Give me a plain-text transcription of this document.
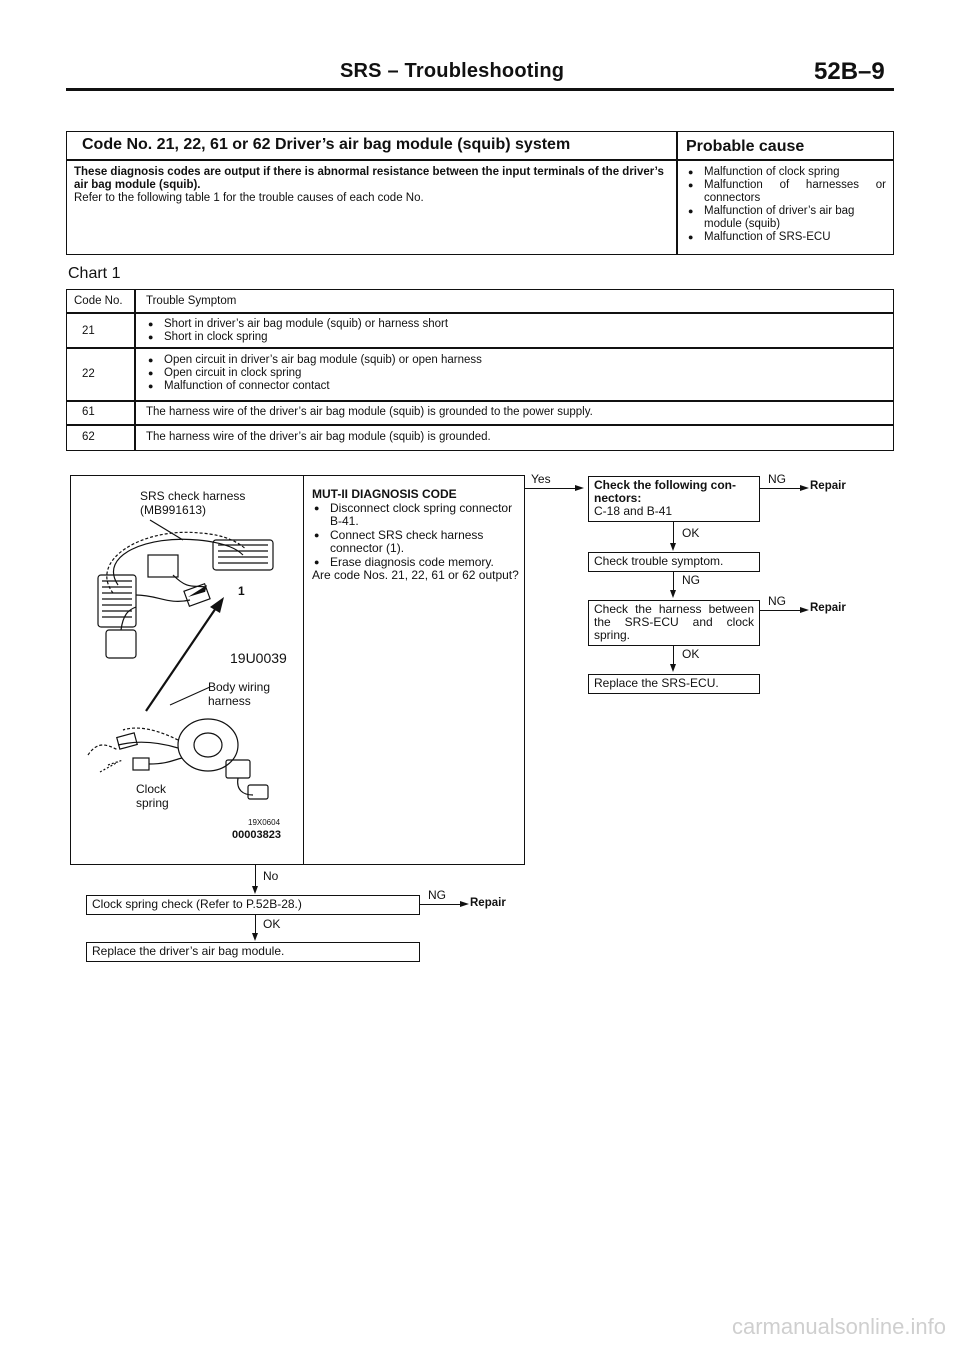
SRS – Troubleshooting	52B–9
Code No. 21, 22, 61 or 62 Driver’s air bag module (squib) system	Probable cause
These diagnosis codes are output if there is abnormal resistance between the input terminals of the driver’s
air bag module (squib).
Refer to the following table 1 for the trouble causes of each code No.
● Malfunction of clock spring
● Malfunction of harnesses or connectors
● Malfunction of driver’s air bag module (squib)
● Malfunction of SRS-ECU
Chart 1
Code No. Trouble Symptom
21
● Short in driver’s air bag module (squib) or harness short
● Short in clock spring
22
● Open circuit in driver’s air bag module (squib) or open harness
● Open circuit in clock spring
● Malfunction of connector contact
61	The harness wire of the driver’s air bag module (squib) is grounded to the power supply.
62	The harness wire of the driver’s air bag module (squib) is grounded.
SRS check harness
(MB991613)
1
19U0039
Body wiring
harness
Clock
spring
19X0604
00003823
MUT-II DIAGNOSIS CODE
● Disconnect clock spring connector B-41.
● Connect SRS check harness connector (1).
● Erase diagnosis code memory.
Are code Nos. 21, 22, 61 or 62 output?
Yes	Check the following con- nectors:
C-18 and B-41
NG Repair
OK
Check trouble symptom.
NG
Check the harness between the SRS-ECU and clock spring.
NG Repair
OK
Replace the SRS-ECU.
No
Clock spring check (Refer to P.52B-28.)
NG
Repair
OK
Replace the driver’s air bag module.
carmanualsonline.info
